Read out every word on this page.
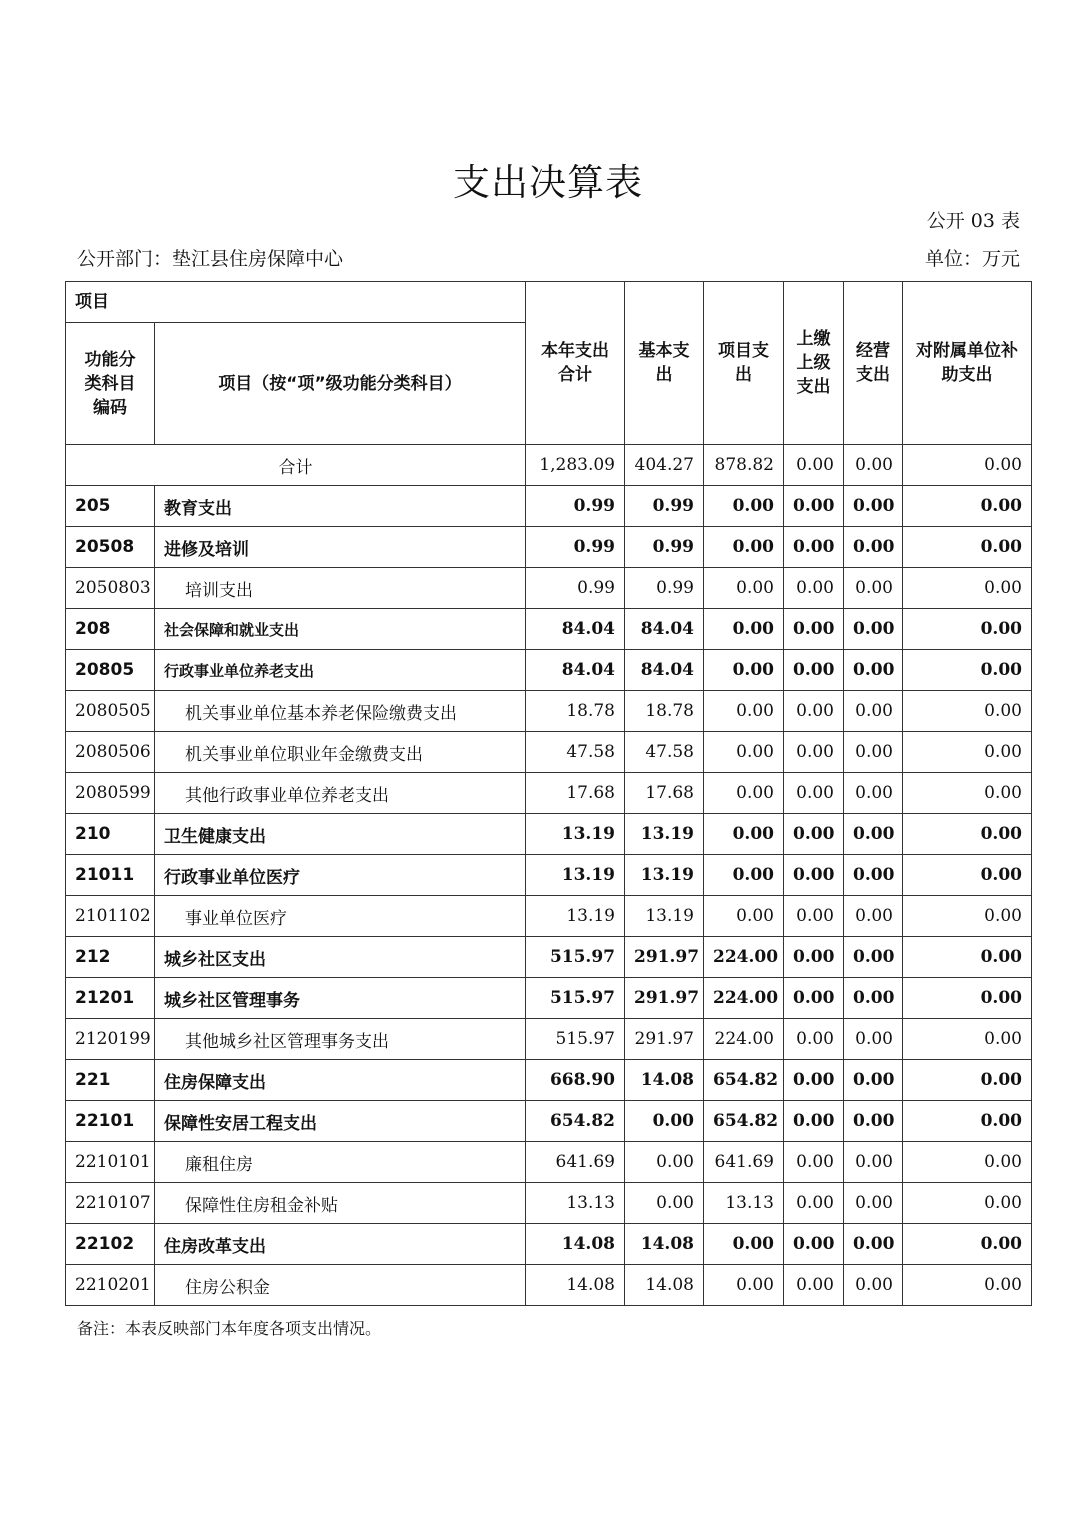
支出决算表
公开 03 表
公开部门：垫江县住房保障中心	单位：万元
项目		本年支出合计	基本支出	项目支出	上缴上级支出	经营支出	对附属单位补助支出
功能分类科目编码	项目（按“项”级功能分类科目）						
合计		1,283.09	404.27	878.82	0.00	0.00	0.00
205	教育支出	0.99	0.99	0.00	0.00	0.00	0.00
20508	进修及培训	0.99	0.99	0.00	0.00	0.00	0.00
2050803	培训支出	0.99	0.99	0.00	0.00	0.00	0.00
208	社会保障和就业支出	84.04	84.04	0.00	0.00	0.00	0.00
20805	行政事业单位养老支出	84.04	84.04	0.00	0.00	0.00	0.00
2080505	机关事业单位基本养老保险缴费支出	18.78	18.78	0.00	0.00	0.00	0.00
2080506	机关事业单位职业年金缴费支出	47.58	47.58	0.00	0.00	0.00	0.00
2080599	其他行政事业单位养老支出	17.68	17.68	0.00	0.00	0.00	0.00
210	卫生健康支出	13.19	13.19	0.00	0.00	0.00	0.00
21011	行政事业单位医疗	13.19	13.19	0.00	0.00	0.00	0.00
2101102	事业单位医疗	13.19	13.19	0.00	0.00	0.00	0.00
212	城乡社区支出	515.97	291.97	224.00	0.00	0.00	0.00
21201	城乡社区管理事务	515.97	291.97	224.00	0.00	0.00	0.00
2120199	其他城乡社区管理事务支出	515.97	291.97	224.00	0.00	0.00	0.00
221	住房保障支出	668.90	14.08	654.82	0.00	0.00	0.00
22101	保障性安居工程支出	654.82	0.00	654.82	0.00	0.00	0.00
2210101	廉租住房	641.69	0.00	641.69	0.00	0.00	0.00
2210107	保障性住房租金补贴	13.13	0.00	13.13	0.00	0.00	0.00
22102	住房改革支出	14.08	14.08	0.00	0.00	0.00	0.00
2210201	住房公积金	14.08	14.08	0.00	0.00	0.00	0.00
备注：本表反映部门本年度各项支出情况。
